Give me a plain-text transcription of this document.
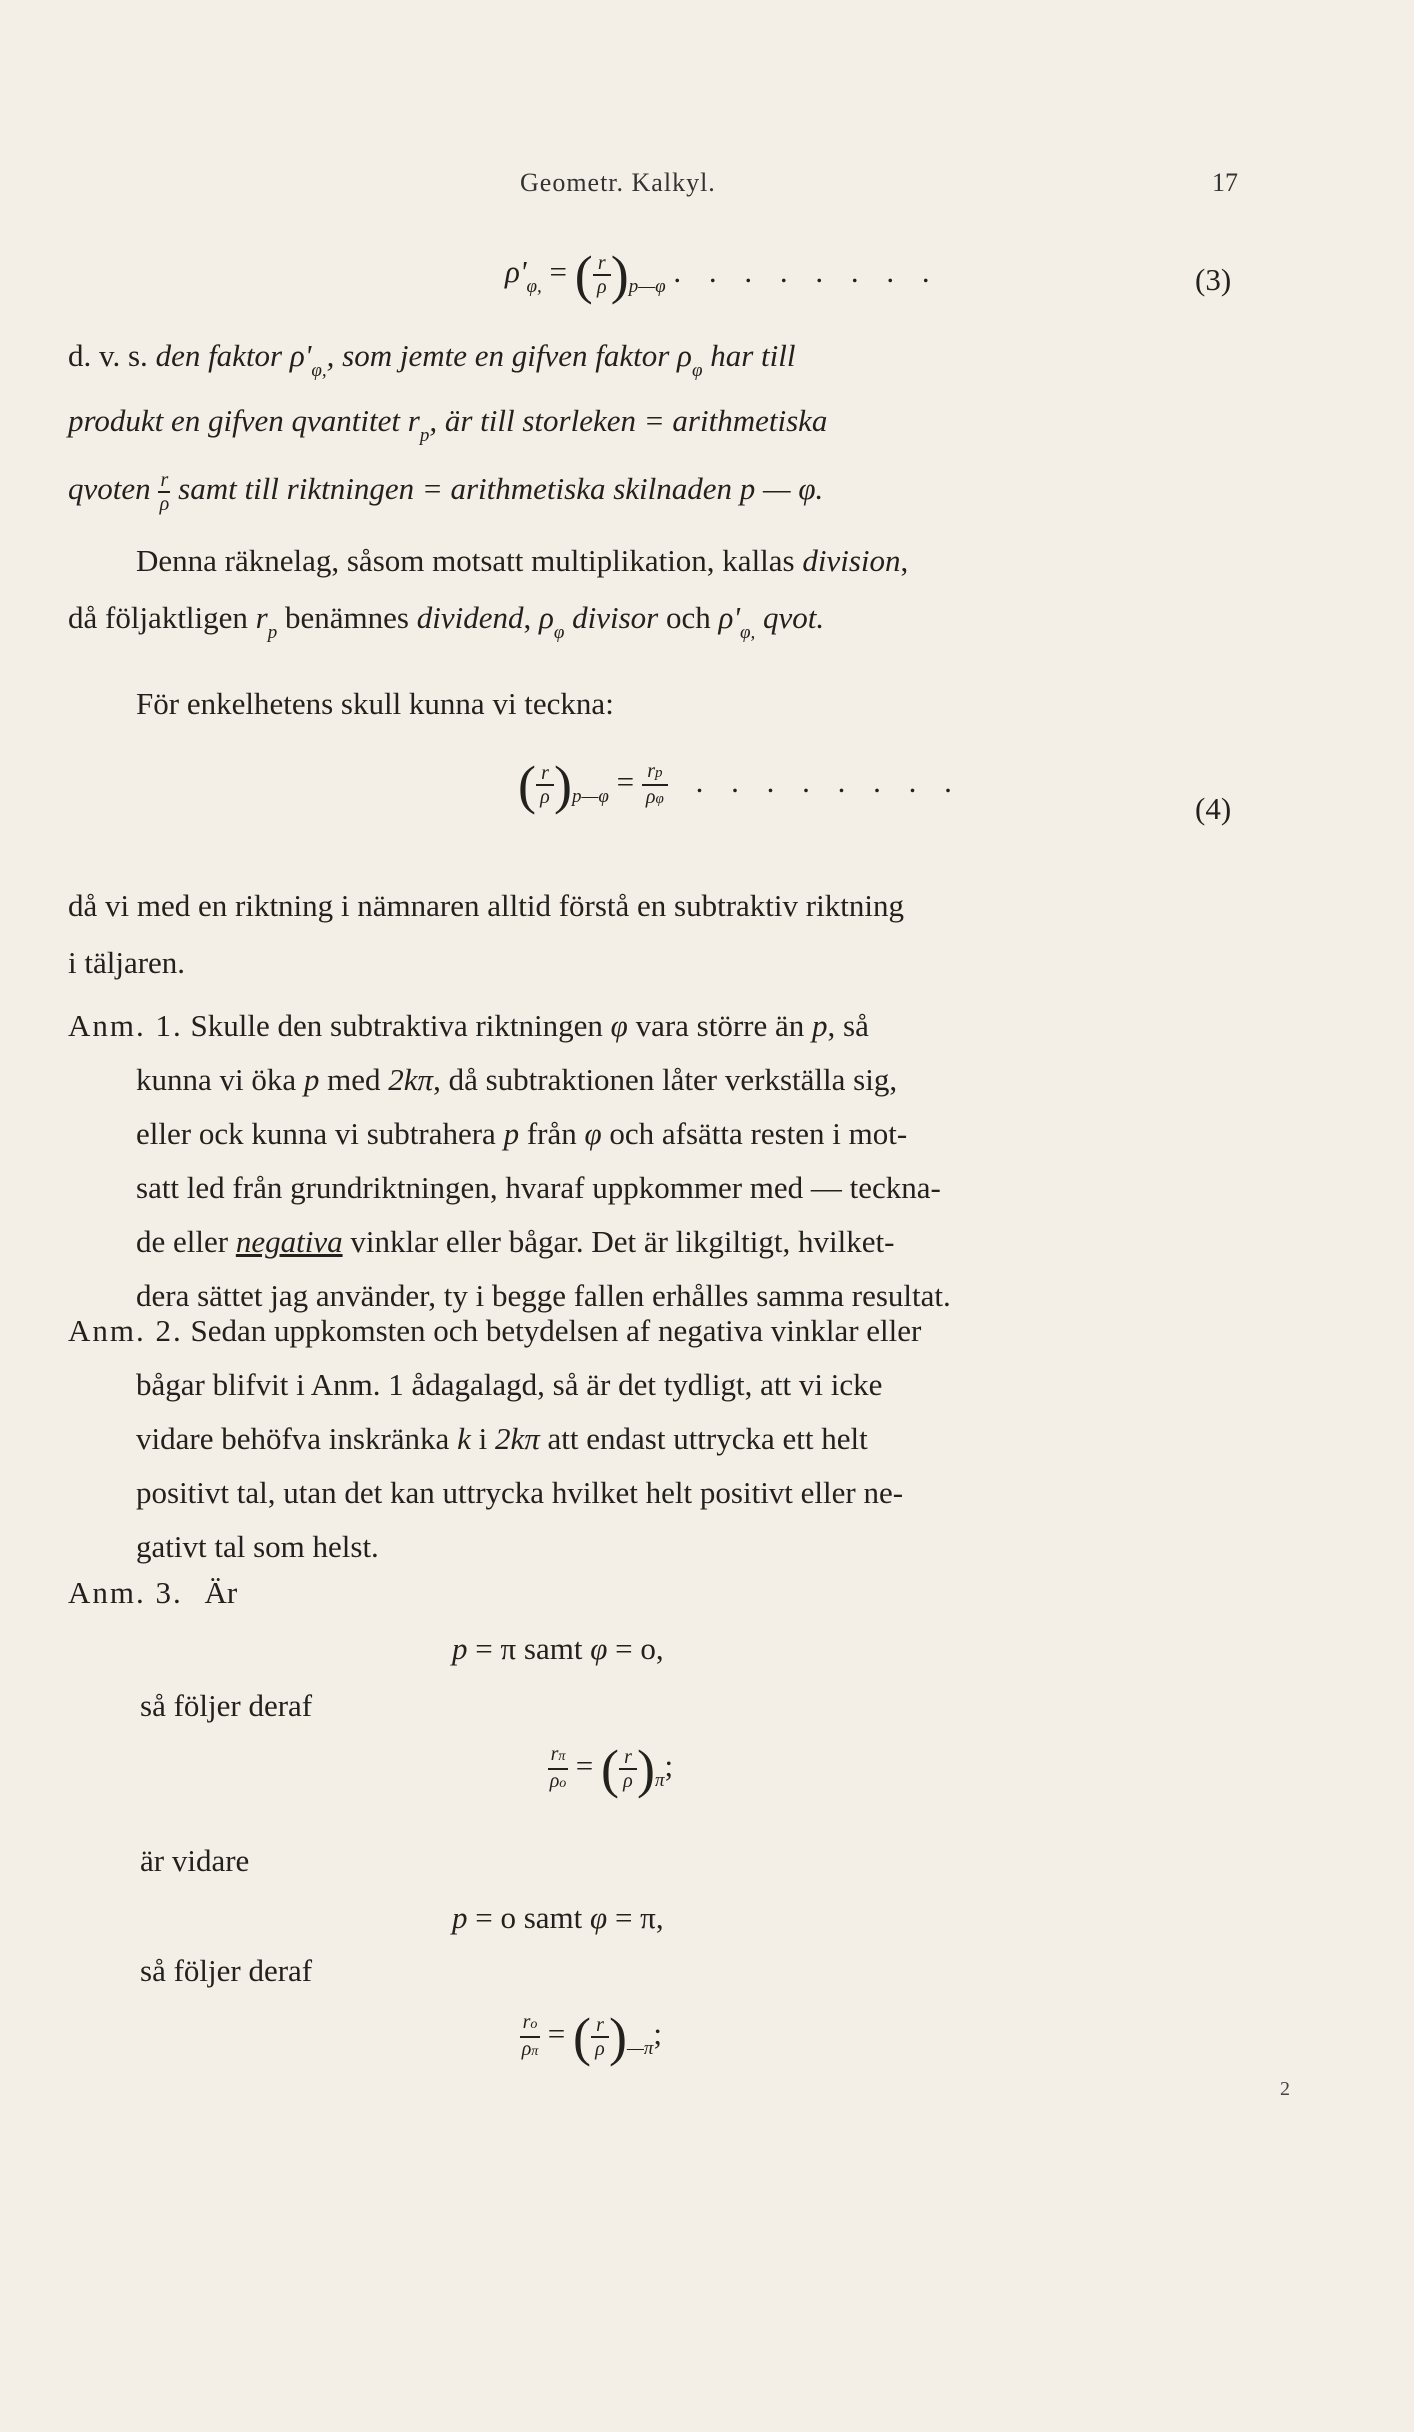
Geometr. Kalkyl.	17
$\rho'_{\varphi,}$ = ( $\frac{r}{\rho} )_{p—\varphi}$ . . . . . . . .	(3)
d. v. s. den faktor $\rho'_{\varphi,}$, som jemte en gifven faktor $\rho_\varphi$ har till
produkt en gifven qvantitet $r_p$, är till storleken = arithmetiska
qvoten $\frac{r}{\rho}$ samt till riktningen = arithmetiska skilnaden p — φ.
Denna räknelag, såsom motsatt multiplikation, kallas division,
då följaktligen $r_p$ benämnes dividend, $\rho_\varphi$ divisor och $\rho'_{\varphi,}$ qvot.
För enkelhetens skull kunna vi teckna:
( $\frac{r}{\rho} )_{p—\varphi} = \frac{rp}{\rho\varphi}$ . . . . . . . .
(4)
då vi med en riktning i nämnaren alltid förstå en subtraktiv riktning
i täljaren.
Anm. 1. Skulle den subtraktiva riktningen φ vara större än p, så
kunna vi öka p med 2kπ, då subtraktionen låter verkställa sig,
eller ock kunna vi subtrahera p från φ och afsätta resten i mot-
satt led från grundriktningen, hvaraf uppkommer med — teckna-
de eller negativa vinklar eller bågar. Det är likgiltigt, hvilket-
dera sättet jag använder, ty i begge fallen erhålles samma resultat.
Anm. 2. Sedan uppkomsten och betydelsen af negativa vinklar eller
bågar blifvit i Anm. 1 ådagalagd, så är det tydligt, att vi icke
vidare behöfva inskränka k i 2kπ att endast uttrycka ett helt
positivt tal, utan det kan uttrycka hvilket helt positivt eller ne-
gativt tal som helst.
Anm. 3. Är
p = π samt φ = o,
så följer deraf
$\frac{r\pi}{\rho o}$ = ( $\frac{r}{\rho} )_\pi$;
är vidare
p = o samt φ = π,
så följer deraf
$\frac{ro}{\rho\pi}$ = ( $\frac{r}{\rho} )_{—\pi}$;
2
